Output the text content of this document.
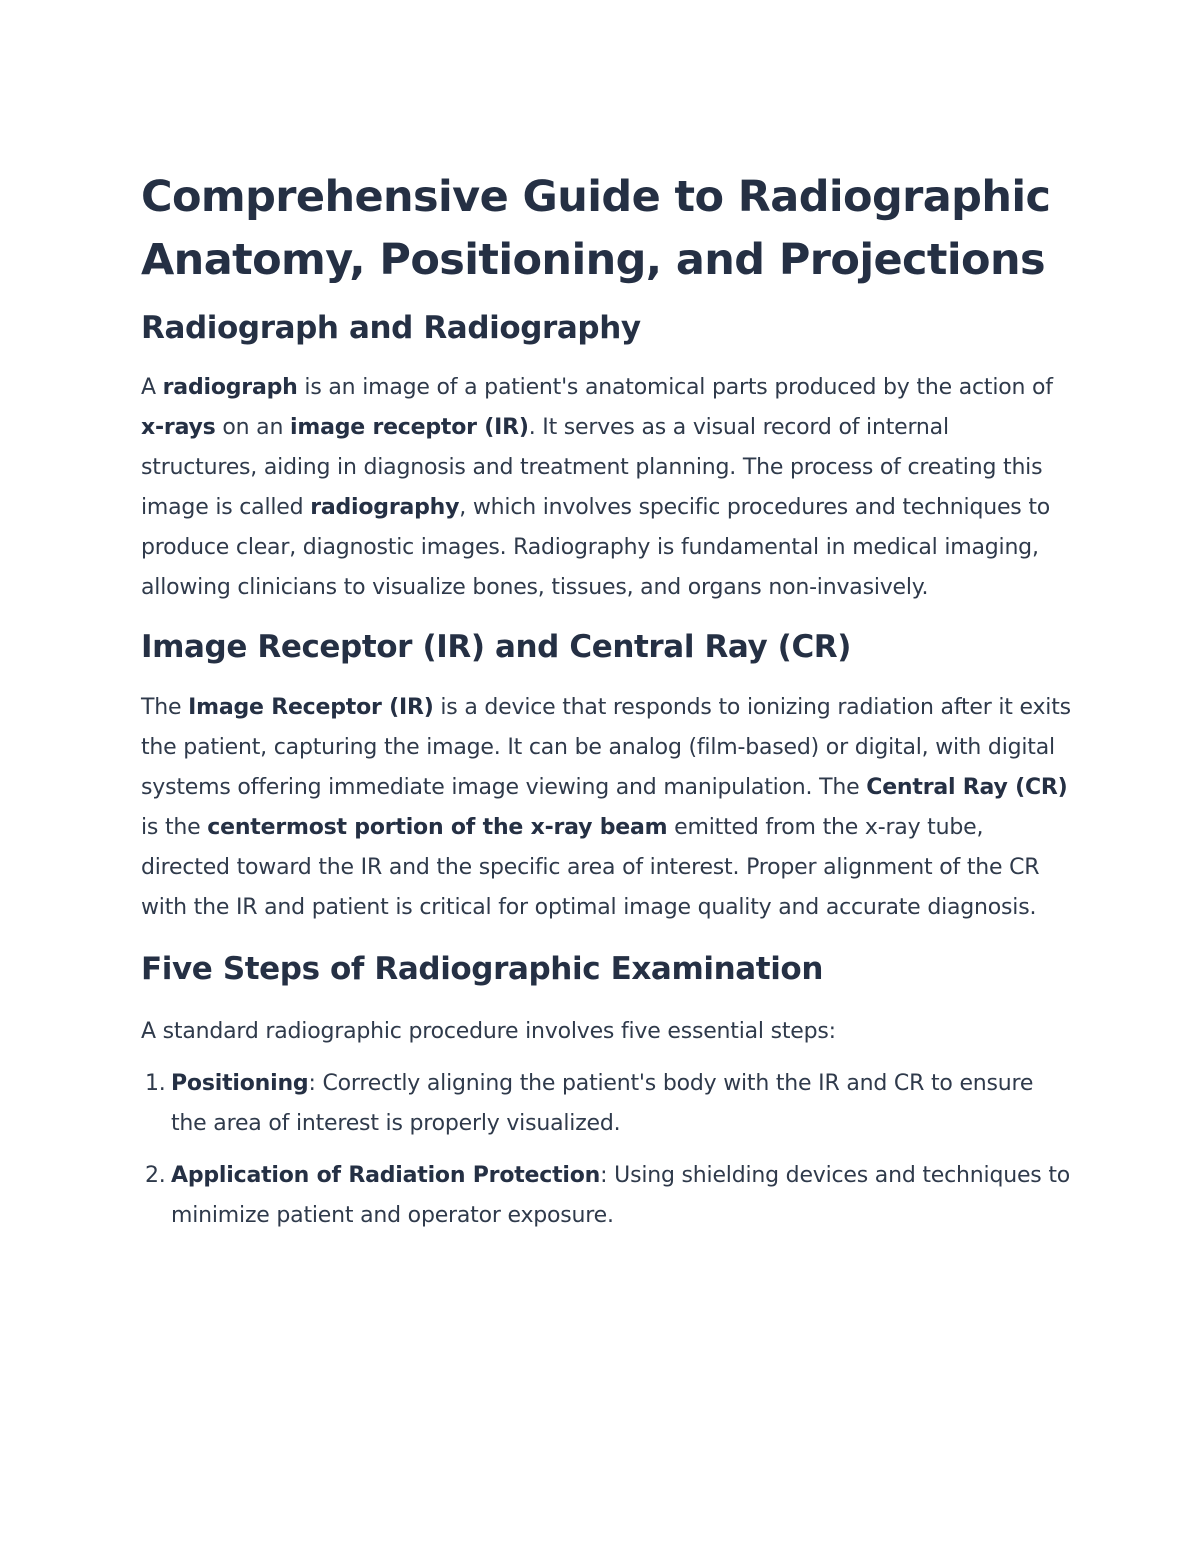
Comprehensive Guide to Radiographic Anatomy, Positioning, and Projections
Radiograph and Radiography

A radiograph is an image of a patient's anatomical parts produced by the action of x-rays on an image receptor (IR). It serves as a visual record of internal structures, aiding in diagnosis and treatment planning. The process of creating this image is called radiography, which involves specific procedures and techniques to produce clear, diagnostic images. Radiography is fundamental in medical imaging, allowing clinicians to visualize bones, tissues, and organs non-invasively.

Image Receptor (IR) and Central Ray (CR)

The Image Receptor (IR) is a device that responds to ionizing radiation after it exits the patient, capturing the image. It can be analog (film-based) or digital, with digital systems offering immediate image viewing and manipulation. The Central Ray (CR) is the centermost portion of the x-ray beam emitted from the x-ray tube, directed toward the IR and the specific area of interest. Proper alignment of the CR with the IR and patient is critical for optimal image quality and accurate diagnosis.

Five Steps of Radiographic Examination

A standard radiographic procedure involves five essential steps:

1. Positioning: Correctly aligning the patient's body with the IR and CR to ensure the area of interest is properly visualized.
2. Application of Radiation Protection: Using shielding devices and techniques to minimize patient and operator exposure.
